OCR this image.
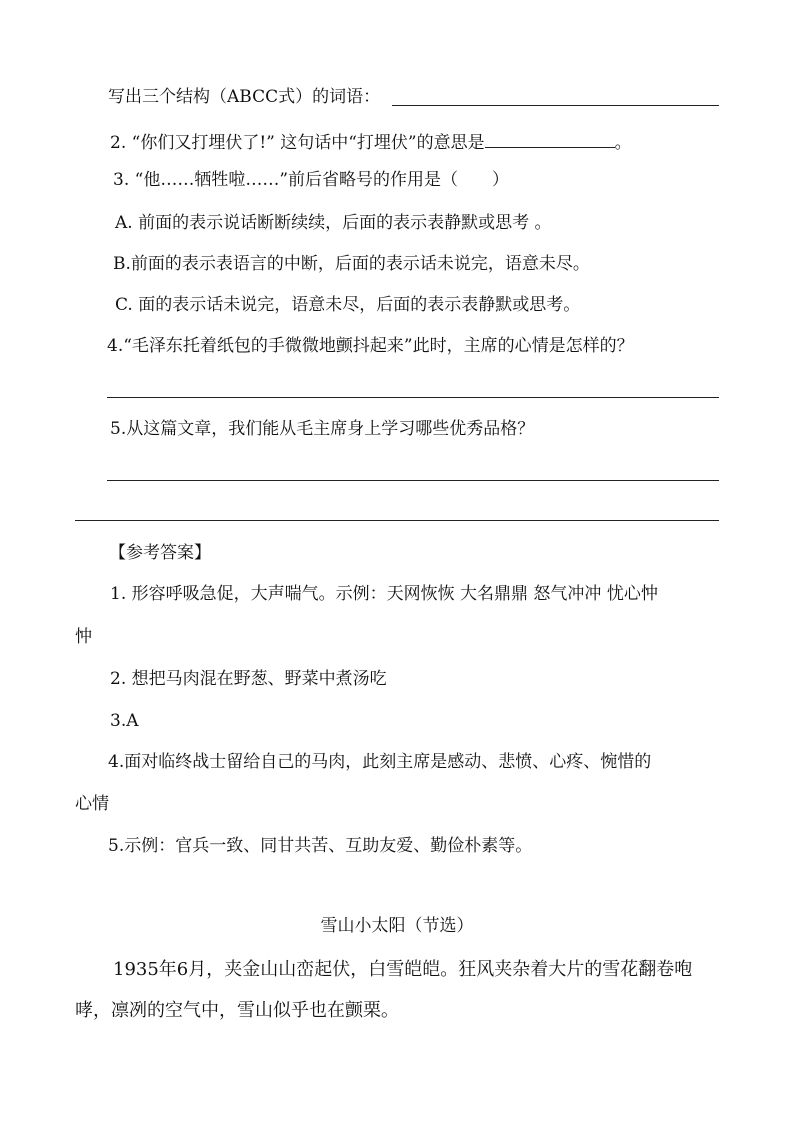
写出三个结构（ABCC式）的词语：
2. “你们又打埋伏了!” 这句话中“打埋伏”的意思是	。
3. “他……牺牲啦……”前后省略号的作用是（　　）
A. 前面的表示说话断断续续，后面的表示表静默或思考 。
B.前面的表示表语言的中断，后面的表示话未说完，语意未尽。
C. 面的表示话未说完，语意未尽，后面的表示表静默或思考。
4.“毛泽东托着纸包的手微微地颤抖起来”此时，主席的心情是怎样的？
5.从这篇文章，我们能从毛主席身上学习哪些优秀品格？
【参考答案】
1. 形容呼吸急促，大声喘气。示例：天网恢恢 大名鼎鼎 怒气冲冲 忧心忡
忡
2. 想把马肉混在野葱、野菜中煮汤吃
3.A
4.面对临终战士留给自己的马肉，此刻主席是感动、悲愤、心疼、惋惜的
心情
5.示例：官兵一致、同甘共苦、互助友爱、勤俭朴素等。
雪山小太阳（节选）
1935年6月，夹金山山峦起伏，白雪皑皑。狂风夹杂着大片的雪花翻卷咆
哮，凛冽的空气中，雪山似乎也在颤栗。
